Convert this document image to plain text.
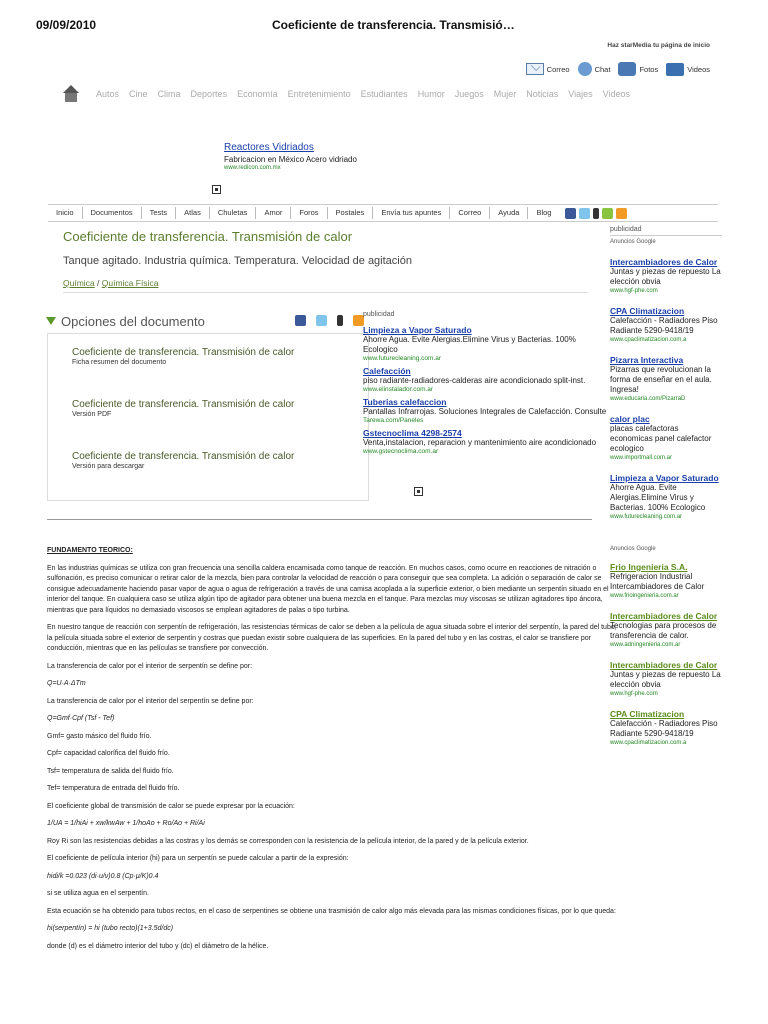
09/09/2010	Coeficiente de transferencia. Transmisió…
Haz starMedia tu página de inicio
Correo	Chat	Fotos	Videos
Autos Cine Clima Deportes Economía Entretenimiento Estudiantes Humor Juegos Mujer Noticias Viajes Videos
Reactores Vidriados
Fabricacion en México Acero vidriado
www.redicon.com.mx
Inicio	Documentos	Tests	Atlas	Chuletas	Amor	Foros	Postales	Envía tus apuntes	Correo	Ayuda	Blog
Coeficiente de transferencia. Transmisión de calor
Tanque agitado. Industria química. Temperatura. Velocidad de agitación
Química / Química Física
Opciones del documento
Coeficiente de transferencia. Transmisión de calor
Ficha resumen del documento
Coeficiente de transferencia. Transmisión de calor
Versión PDF
Coeficiente de transferencia. Transmisión de calor
Versión para descargar
publicidad
Limpieza a Vapor Saturado
Ahorre Agua. Evite Alergias.Elimine Virus y Bacterias. 100% Ecologico
www.futurecleaning.com.ar
Calefacción
piso radiante-radiadores-calderas aire acondicionado split-inst.
www.elinstalador.com.ar
Tuberias calefaccion
Pantallas Infrarrojas. Soluciones Integrales de Calefacción. Consulte
Tarewa.com/Paneles
Gstecnoclima 4298-2574
Venta,instalacion, reparacion y mantenimiento aire acondicionado
www.gstecnoclima.com.ar

FUNDAMENTO TEORICO:

En las industrias químicas se utiliza con gran frecuencia una sencilla caldera encamisada como tanque de reacción. En muchos casos, como ocurre en reacciones de nitración o sulfonación, es preciso comunicar o retirar calor de la mezcla, bien para controlar la velocidad de reacción o para conseguir que sea completa. La adición o separación de calor se consigue adecuadamente haciendo pasar vapor de agua o agua de refrigeración a través de una camisa acoplada a la superficie exterior, o bien mediante un serpentín situado en el interior del tanque. En cualquiera caso se utiliza algún tipo de agitador para obtener una buena mezcla en el tanque. Para mezclas muy viscosas se utilizan agitadores tipo áncora, mientras que para líquidos no demasiado viscosos se emplean agitadores de palas o tipo turbina.

En nuestro tanque de reacción con serpentín de refrigeración, las resistencias térmicas de calor se deben a la película de agua situada sobre el interior del serpentín, la pared del tubo, la película situada sobre el exterior de serpentín y costras que puedan existir sobre cualquiera de las superficies. En la pared del tubo y en las costras, el calor se transfiere por conducción, mientras que en las películas se transfiere por convección.

La transferencia de calor por el interior de serpentín se define por:

Q=U·A·ΔTm

La transferencia de calor por el interior del serpentín se define por:

Q=Gmf·Cpf (Tsf - Tef)

Gmf= gasto másico del fluido frío.

Cpf= capacidad calorífica del fluido frío.

Tsf= temperatura de salida del fluido frío.

Tef= temperatura de entrada del fluido frío.

El coeficiente global de transmisión de calor se puede expresar por la ecuación:

1/UA = 1/hiAi + xw/kwAw + 1/hoAo + Ro/Ao + Ri/Ai

Roy Ri son las resistencias debidas a las costras y los demás se corresponden con la resistencia de la película interior, de la pared y de la película exterior.

El coeficiente de película interior (hi) para un serpentín se puede calcular a partir de la expresión:

hidi/k =0.023 (di·u/ν)0.8 (Cp·μ/K)0.4

si se utiliza agua en el serpentín.

Esta ecuación se ha obtenido para tubos rectos, en el caso de serpentines se obtiene una trasmisión de calor algo más elevada para las mismas condiciones físicas, por lo que queda:

hi(serpentín) = hi (tubo recto)(1+3.5d/dc)

donde (d) es el diámetro interior del tubo y (dc) el diámetro de la hélice.

publicidad
Anuncios Google
Intercambiadores de Calor
Juntas y piezas de repuesto La elección obvia
www.hgf-phe.com
CPA Climatizacion
Calefacción - Radiadores Piso Radiante 5290-9418/19
www.cpaclimatizacion.com.a
Pizarra Interactiva
Pizarras que revolucionan la forma de enseñar en el aula. Ingresa!
www.educaria.com/PizarraD
calor plac
placas calefactoras economicas panel calefactor ecologico
www.importmall.com.ar
Limpieza a Vapor Saturado
Ahorre Agua. Evite Alergias.Elimine Virus y Bacterias. 100% Ecologico
www.futurecleaning.com.ar
Anuncios Google
Frio Ingenieria S.A.
Refrigeracion Industrial Intercambiadores de Calor
www.frioingenieria.com.ar
Intercambiadores de Calor
Tecnologias para procesos de transferencia de calor.
www.adningenieria.com.ar
Intercambiadores de Calor
Juntas y piezas de repuesto La elección obvia
www.hgf-phe.com
CPA Climatizacion
Calefacción - Radiadores Piso Radiante 5290-9418/19
www.cpaclimatizacion.com.a
